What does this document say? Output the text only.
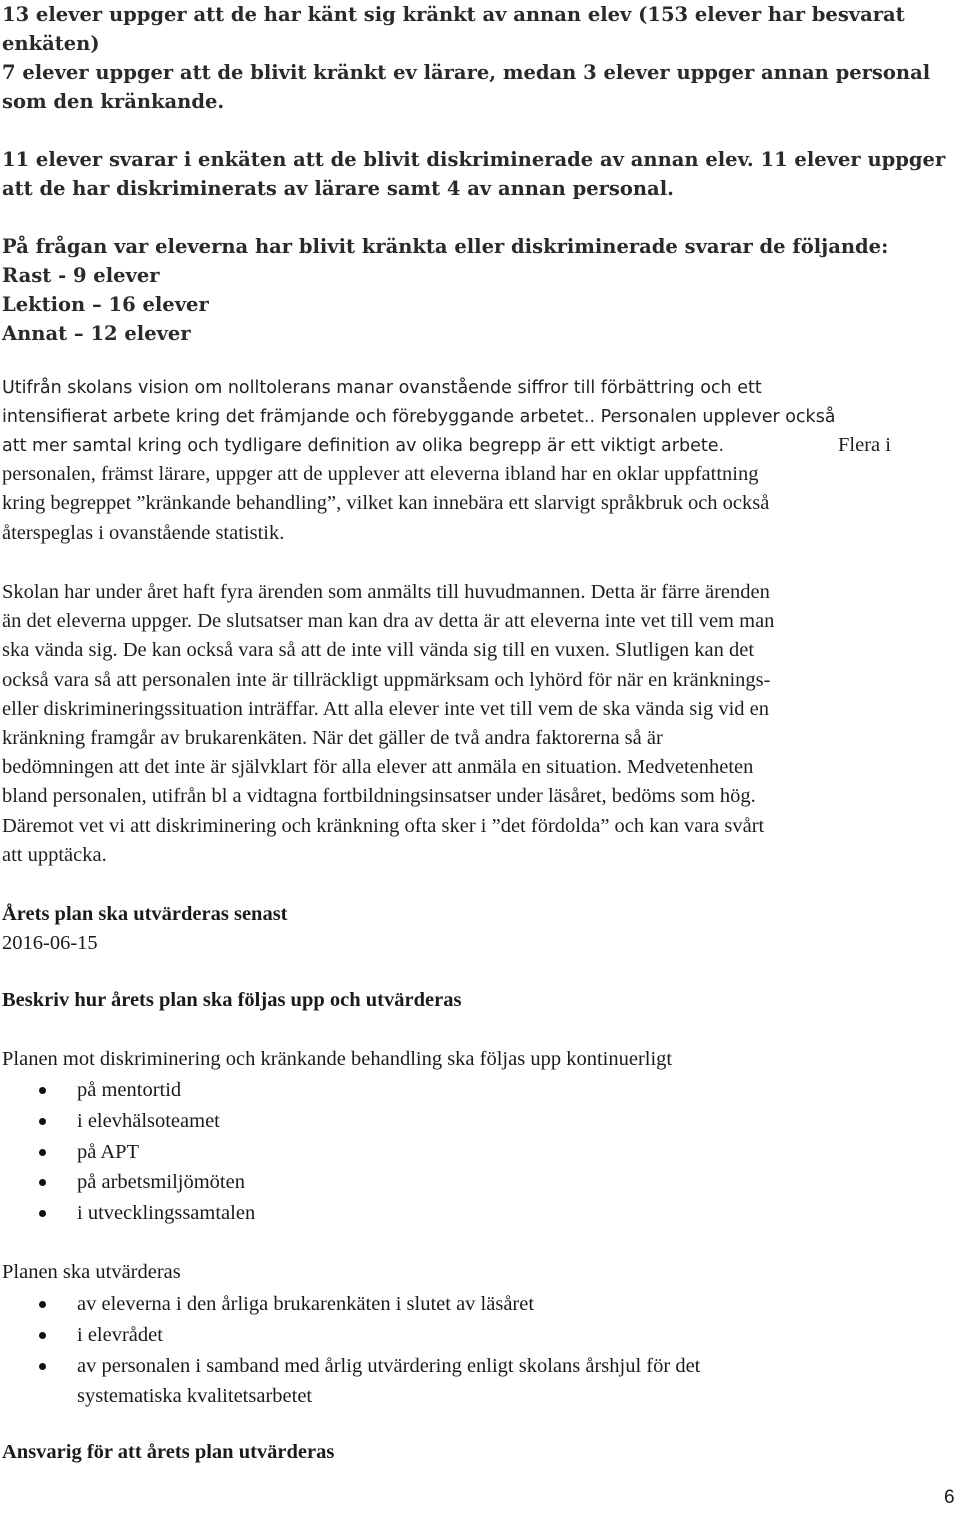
13 elever uppger att de har känt sig kränkt av annan elev (153 elever har besvarat
enkäten)
7 elever uppger att de blivit kränkt ev lärare, medan 3 elever uppger annan personal
som den kränkande.

11 elever svarar i enkäten att de blivit diskriminerade av annan elev. 11 elever uppger
att de har diskriminerats av lärare samt 4 av annan personal.

På frågan var eleverna har blivit kränkta eller diskriminerade svarar de följande:
Rast - 9 elever
Lektion – 16 elever
Annat – 12 elever
Utifrån skolans vision om nolltolerans manar ovanstående siffror till förbättring och ett
intensifierat arbete kring det främjande och förebyggande arbetet.. Personalen upplever också
att mer samtal kring och tydligare definition av olika begrepp är ett viktigt arbete.	Flera i
personalen, främst lärare, uppger att de upplever att eleverna ibland har en oklar uppfattning
kring begreppet ”kränkande behandling”, vilket kan innebära ett slarvigt språkbruk och också
återspeglas i ovanstående statistik.
Skolan har under året haft fyra ärenden som anmälts till huvudmannen. Detta är färre ärenden
än det eleverna uppger. De slutsatser man kan dra av detta är att eleverna inte vet till vem man
ska vända sig. De kan också vara så att de inte vill vända sig till en vuxen. Slutligen kan det
också vara så att personalen inte är tillräckligt uppmärksam och lyhörd för när en kränknings-
eller diskrimineringssituation inträffar. Att alla elever inte vet till vem de ska vända sig vid en
kränkning framgår av brukarenkäten. När det gäller de två andra faktorerna så är
bedömningen att det inte är självklart för alla elever att anmäla en situation. Medvetenheten
bland personalen, utifrån bl a vidtagna fortbildningsinsatser under läsåret, bedöms som hög.
Däremot vet vi att diskriminering och kränkning ofta sker i ”det fördolda” och kan vara svårt
att upptäcka.
Årets plan ska utvärderas senast
2016-06-15
Beskriv hur årets plan ska följas upp och utvärderas
Planen mot diskriminering och kränkande behandling ska följas upp kontinuerligt
på mentortid
i elevhälsoteamet
på APT
på arbetsmiljömöten
i utvecklingssamtalen
Planen ska utvärderas
av eleverna i den årliga brukarenkäten i slutet av läsåret
i elevrådet
av personalen i samband med årlig utvärdering enligt skolans årshjul för det
systematiska kvalitetsarbetet
Ansvarig för att årets plan utvärderas
6
